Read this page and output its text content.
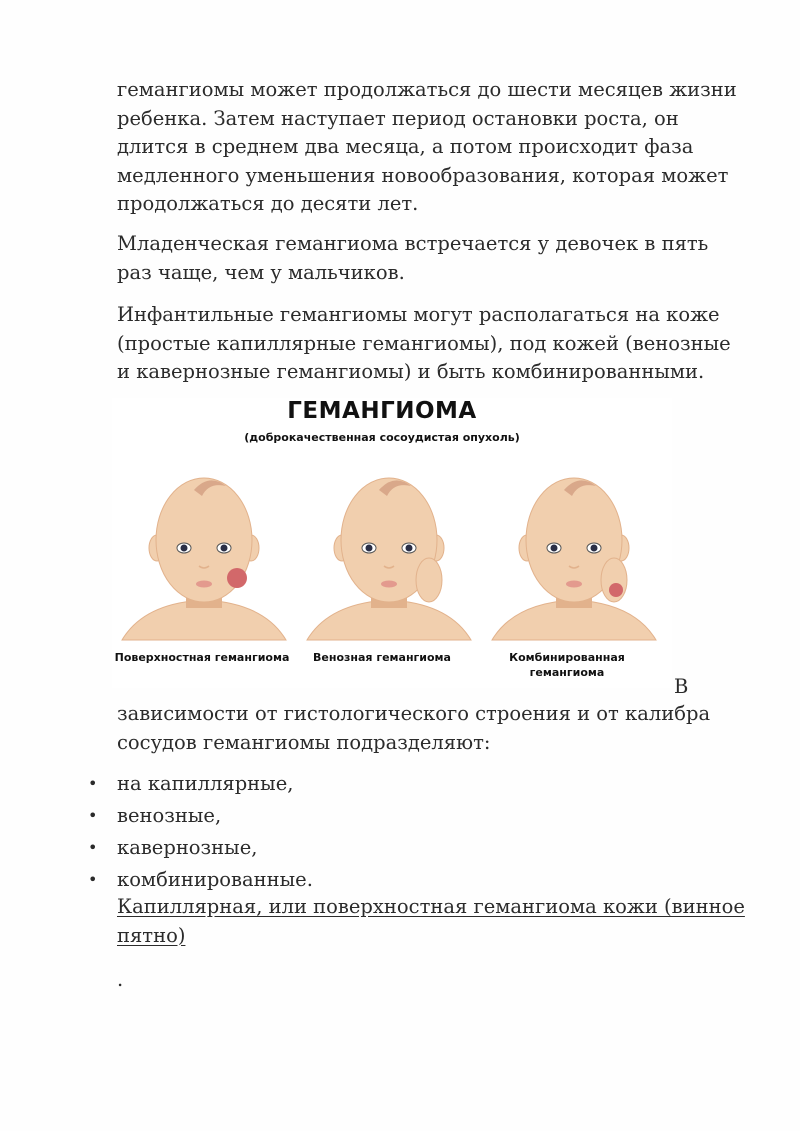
гемангиомы может продолжаться до шести месяцев жизни ребенка. Затем наступает период остановки роста, он длится в среднем два месяца, а потом происходит фаза медленного уменьшения новообразования, которая может продолжаться до десяти лет.

Младенческая гемангиома встречается у девочек в пять раз чаще, чем у мальчиков.

Инфантильные гемангиомы могут располагаться на коже (простые капиллярные гемангиомы), под кожей (венозные и кавернозные гемангиомы) и быть комбинированными.

ГЕМАНГИОМА
(доброкачественная сосоудистая опухоль)
Поверхностная гемангиома	Венозная гемангиома	Комбинированная гемангиома
В

зависимости от гистологического строения и от калибра сосудов гемангиомы подразделяют:

• на капиллярные,
• венозные,
• кавернозные,
• комбинированные.
Капиллярная, или поверхностная гемангиома кожи (винное пятно)
.
